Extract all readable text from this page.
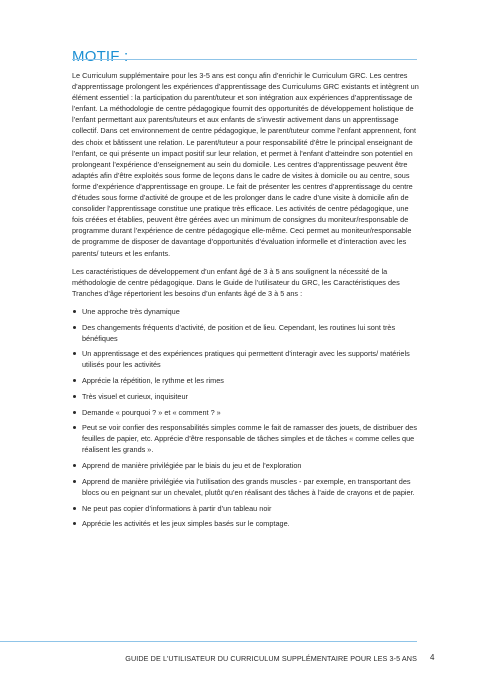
MOTIF :

Le Curriculum supplémentaire pour les 3-5 ans est conçu afin d’enrichir le Curriculum GRC. Les centres d’apprentissage prolongent les expériences d’apprentissage des Curriculums GRC existants et intègrent un élément essentiel : la participation du parent/tuteur et son intégration aux expériences d’apprentissage de l’enfant. La méthodologie de centre pédagogique fournit des opportunités de développement holistique de l’enfant permettant aux parents/tuteurs et aux enfants de s’investir activement dans un apprentissage collectif. Dans cet environnement de centre pédagogique, le parent/tuteur comme l’enfant apprennent, font des choix et bâtissent une relation. Le parent/tuteur a pour responsabilité d’être le principal enseignant de l’enfant, ce qui présente un impact positif sur leur relation, et permet à l’enfant d’atteindre son potentiel en prolongeant l’expérience d’enseignement au sein du domicile. Les centres d’apprentissage peuvent être adaptés afin d’être exploités sous forme de leçons dans le cadre de visites à domicile ou au centre, sous forme d’expérience d’apprentissage en groupe. Le fait de présenter les centres d’apprentissage du centre d’études sous forme d’activité de groupe et de les prolonger dans le cadre d’une visite à domicile afin de consolider l’apprentissage constitue une pratique très efficace. Les activités de centre pédagogique, une fois créées et établies, peuvent être gérées avec un minimum de consignes du moniteur/responsable de programme durant l’expérience de centre pédagogique elle-même. Ceci permet au moniteur/responsable de programme de disposer de davantage d’opportunités d’évaluation informelle et d’interaction avec les parents/ tuteurs et les enfants.

Les caractéristiques de développement d’un enfant âgé de 3 à 5 ans soulignent la nécessité de la méthodologie de centre pédagogique. Dans le Guide de l’utilisateur du GRC, les Caractéristiques des Tranches d’âge répertorient les besoins d’un enfants âgé de 3 à 5 ans :

Une approche très dynamique
Des changements fréquents d’activité, de position et de lieu. Cependant, les routines lui sont très bénéfiques
Un apprentissage et des expériences pratiques qui permettent d’interagir avec les supports/ matériels utilisés pour les activités
Apprécie la répétition, le rythme et les rimes
Très visuel et curieux, inquisiteur
Demande « pourquoi ? » et « comment ? »
Peut se voir confier des responsabilités simples comme le fait de ramasser des jouets, de distribuer des feuilles de papier, etc. Apprécie d’être responsable de tâches simples et de tâches « comme celles que réalisent les grands ».
Apprend de manière privilégiée par le biais du jeu et de l’exploration
Apprend de manière privilégiée via l’utilisation des grands muscles - par exemple, en transportant des blocs ou en peignant sur un chevalet, plutôt qu’en réalisant des tâches à l’aide de crayons et de papier.
Ne peut pas copier d’informations à partir d’un tableau noir
Apprécie les activités et les jeux simples basés sur le comptage.
GUIDE DE L’UTILISATEUR DU CURRICULUM SUPPLÉMENTAIRE POUR LES 3-5 ANS 4
